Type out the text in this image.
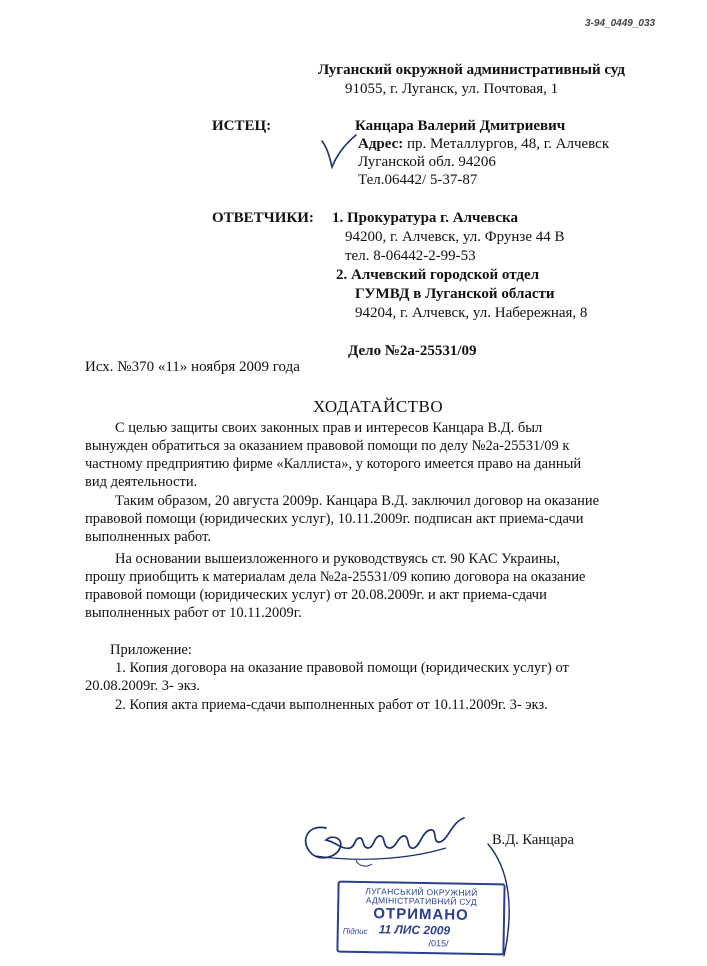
3-94_0449_033
Луганский окружной административный суд
91055, г. Луганск, ул. Почтовая, 1
ИСТЕЦ:	Канцара Валерий Дмитриевич
Адрес: пр. Металлургов, 48, г. Алчевск
Луганской обл. 94206
Тел.06442/ 5-37-87
ОТВЕТЧИКИ: 1. Прокуратура г. Алчевска
94200, г. Алчевск, ул. Фрунзе 44 В
тел. 8-06442-2-99-53
2. Алчевский городской отдел
ГУМВД в Луганской области
94204, г. Алчевск, ул. Набережная, 8
Дело №2а-25531/09
Исх. №370 «11» ноября 2009 года
ХОДАТАЙСТВО
С целью защиты своих законных прав и интересов Канцара В.Д. был
вынужден обратиться за оказанием правовой помощи по делу №2а-25531/09 к
частному предприятию фирме «Каллиста», у которого имеется право на данный
вид деятельности.
Таким образом, 20 августа 2009р. Канцара В.Д. заключил договор на оказание
правовой помощи (юридических услуг), 10.11.2009г. подписан акт приема-сдачи
выполненных работ.
На основании вышеизложенного и руководствуясь ст. 90 КАС Украины,
прошу приобщить к материалам дела №2а-25531/09 копию договора на оказание
правовой помощи (юридических услуг) от 20.08.2009г. и акт приема-сдачи
выполненных работ от 10.11.2009г.
Приложение:
1. Копия договора на оказание правовой помощи (юридических услуг) от
20.08.2009г. 3- экз.
2. Копия акта приема-сдачи выполненных работ от 10.11.2009г. 3- экз.
В.Д. Канцара
ЛУГАНСЬКИЙ ОКРУЖНИЙ
АДМІНІСТРАТИВНИЙ СУД
ОТРИМАНО
Підпис 11 ЛИС 2009
/015/
